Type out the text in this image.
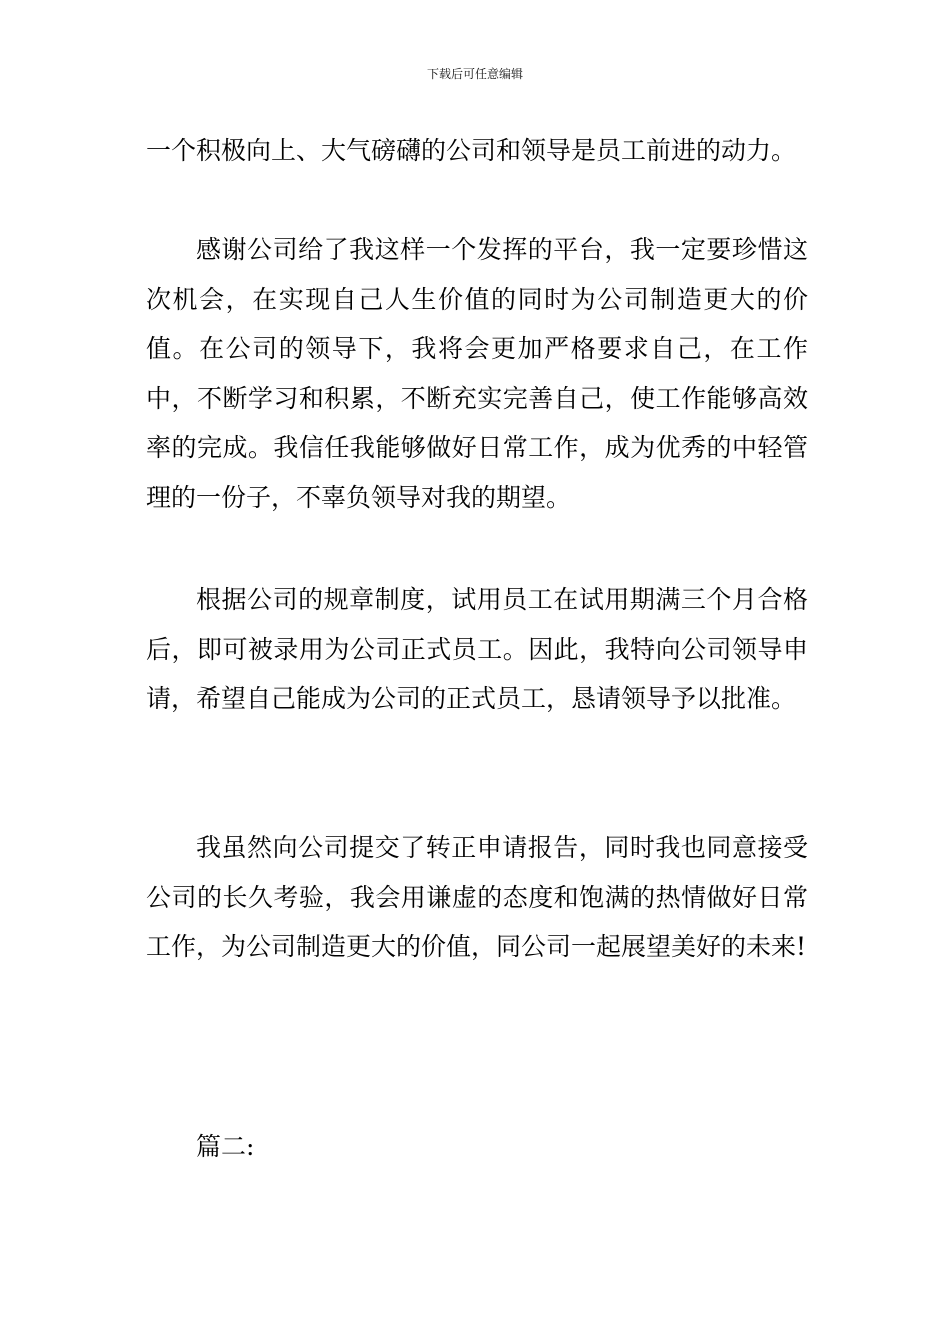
下载后可任意编辑

一个积极向上、大气磅礴的公司和领导是员工前进的动力。

感谢公司给了我这样一个发挥的平台，我一定要珍惜这次机会，在实现自己人生价值的同时为公司制造更大的价值。在公司的领导下，我将会更加严格要求自己，在工作中，不断学习和积累，不断充实完善自己，使工作能够高效率的完成。我信任我能够做好日常工作，成为优秀的中轻管理的一份子，不辜负领导对我的期望。

根据公司的规章制度，试用员工在试用期满三个月合格后，即可被录用为公司正式员工。因此，我特向公司领导申请，希望自己能成为公司的正式员工，恳请领导予以批准。

我虽然向公司提交了转正申请报告，同时我也同意接受公司的长久考验，我会用谦虚的态度和饱满的热情做好日常工作，为公司制造更大的价值，同公司一起展望美好的未来!

篇二:
